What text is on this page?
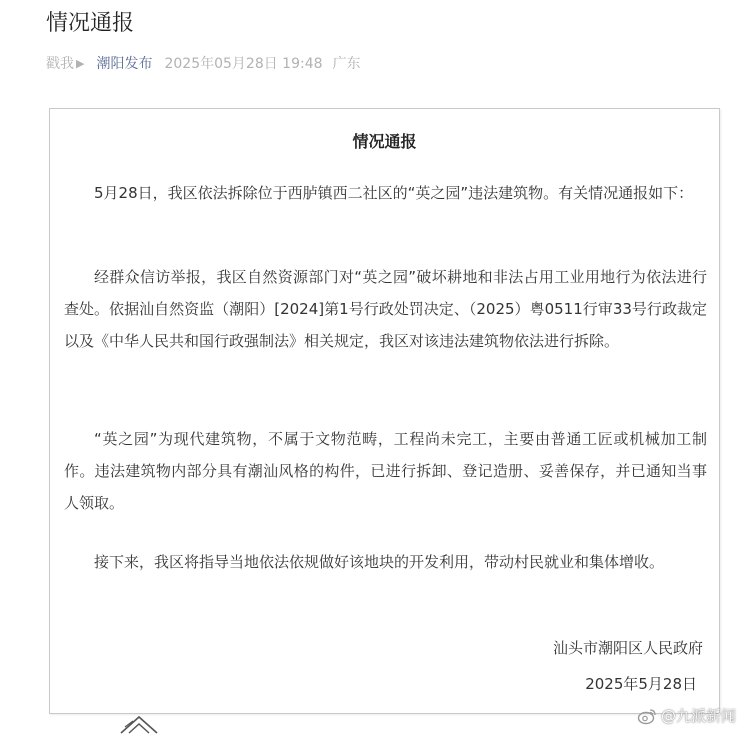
情况通报
戳我 ▶ 潮阳发布 2025年05月28日 19:48 广东
情况通报

5月28日，我区依法拆除位于西胪镇西二社区的“英之园”违法建筑物。有关情况通报如下：

经群众信访举报，我区自然资源部门对“英之园”破坏耕地和非法占用工业用地行为依法进行查处。依据汕自然资监（潮阳）[2024]第1号行政处罚决定、（2025）粤0511行审33号行政裁定以及《中华人民共和国行政强制法》相关规定，我区对该违法建筑物依法进行拆除。

“英之园”为现代建筑物，不属于文物范畴，工程尚未完工，主要由普通工匠或机械加工制作。违法建筑物内部分具有潮汕风格的构件，已进行拆卸、登记造册、妥善保存，并已通知当事人领取。

接下来，我区将指导当地依法依规做好该地块的开发利用，带动村民就业和集体增收。

汕头市潮阳区人民政府
2025年5月28日
@九派新闻
